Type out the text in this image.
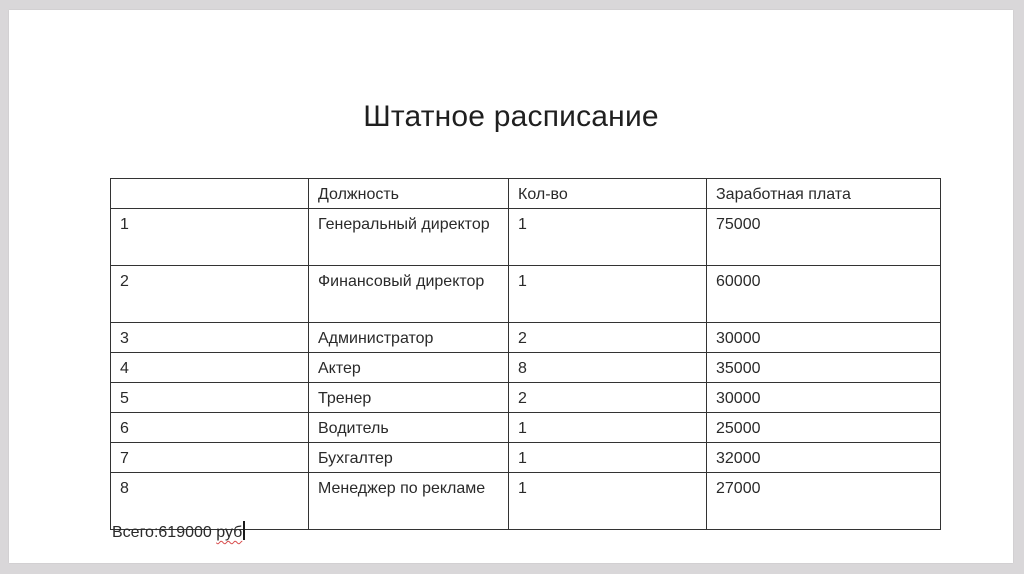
Штатное расписание
	Должность	Кол-во	Заработная плата
1	Генеральный директор	1	75000
2	Финансовый директор	1	60000
3	Администратор	2	30000
4	Актер	8	35000
5	Тренер	2	30000
6	Водитель	1	25000
7	Бухгалтер	1	32000
8	Менеджер по рекламе	1	27000
Всего:619000 руб
